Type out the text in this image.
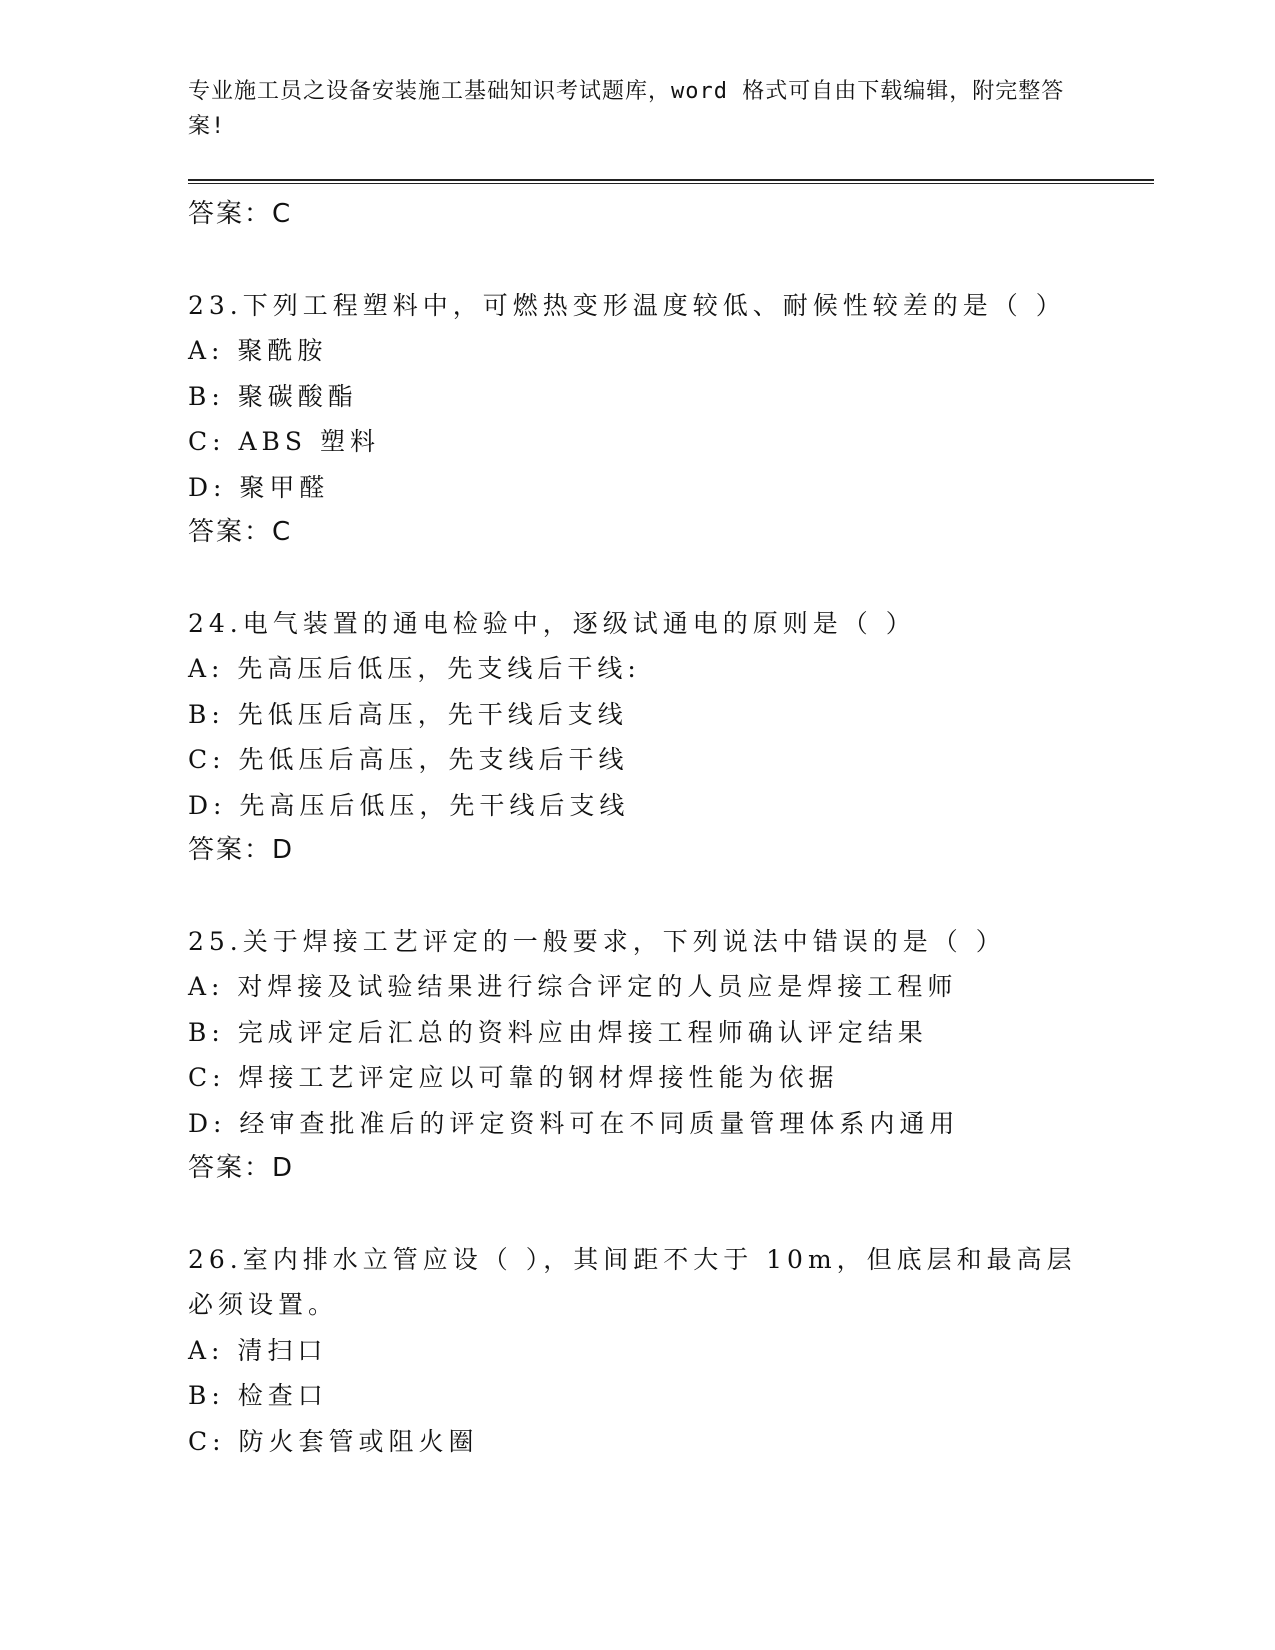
专业施工员之设备安装施工基础知识考试题库，word 格式可自由下载编辑，附完整答案!
答案：C
23.下列工程塑料中，可燃热变形温度较低、耐候性较差的是（ ）
A: 聚酰胺
B: 聚碳酸酯
C: ABS 塑料
D: 聚甲醛
答案：C
24.电气装置的通电检验中，逐级试通电的原则是（ ）
A: 先高压后低压，先支线后干线:
B: 先低压后高压，先干线后支线
C: 先低压后高压，先支线后干线
D: 先高压后低压，先干线后支线
答案：D
25.关于焊接工艺评定的一般要求，下列说法中错误的是（ ）
A: 对焊接及试验结果进行综合评定的人员应是焊接工程师
B: 完成评定后汇总的资料应由焊接工程师确认评定结果
C: 焊接工艺评定应以可靠的钢材焊接性能为依据
D: 经审查批准后的评定资料可在不同质量管理体系内通用
答案：D
26.室内排水立管应设（ ），其间距不大于 10m，但底层和最高层必须设置。
A: 清扫口
B: 检查口
C: 防火套管或阻火圈
